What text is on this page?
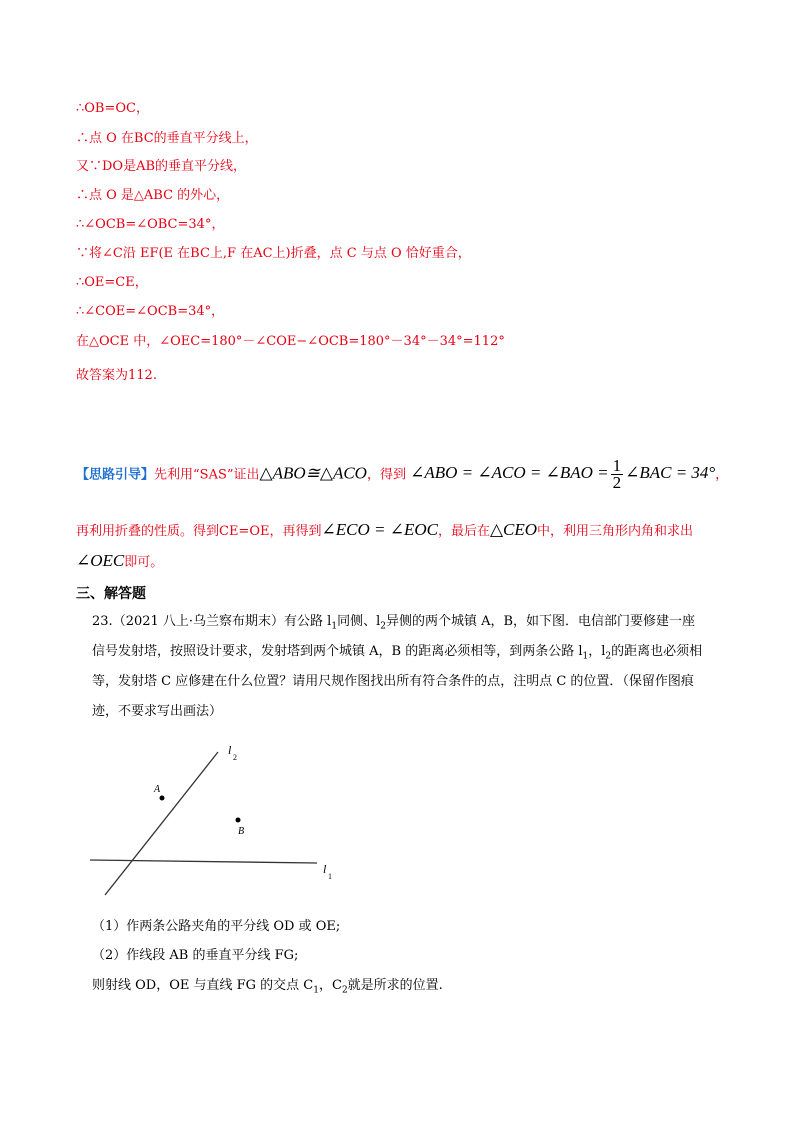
∴OB=OC，
∴点 O 在BC的垂直平分线上，
又∵DO是AB的垂直平分线，
∴点 O 是△ABC 的外心，
∴∠OCB=∠OBC=34°，
∵将∠C沿 EF(E 在BC上,F 在AC上)折叠，点 C 与点 O 恰好重合，
∴OE=CE，
∴∠COE=∠OCB=34°，
在△OCE 中，∠OEC=180°－∠COE−∠OCB=180°－34°－34°=112°
故答案为112.
【思路引导】先利用“SAS”证出△ABO≅△ACO，得到 ∠ABO = ∠ACO = ∠BAO = $\frac{1}{2}$ ∠BAC = 34°，
再利用折叠的性质。得到CE=OE，再得到∠ECO = ∠EOC，最后在△CEO中，利用三角形内角和求出
∠OEC即可。
三、解答题
23.（2021 八上·乌兰察布期末）有公路 $l_1$同侧、$l_2$异侧的两个城镇 A，B，如下图．电信部门要修建一座
信号发射塔，按照设计要求，发射塔到两个城镇 A，B 的距离必须相等，到两条公路 $l_1$，$l_2$的距离也必须相
等，发射塔 C 应修建在什么位置？请用尺规作图找出所有符合条件的点，注明点 C 的位置．（保留作图痕
迹，不要求写出画法）
A
B
l
2
l
1
（1）作两条公路夹角的平分线 OD 或 OE;
（2）作线段 AB 的垂直平分线 FG;
则射线 OD，OE 与直线 FG 的交点 $C_1$，$C_2$就是所求的位置.
